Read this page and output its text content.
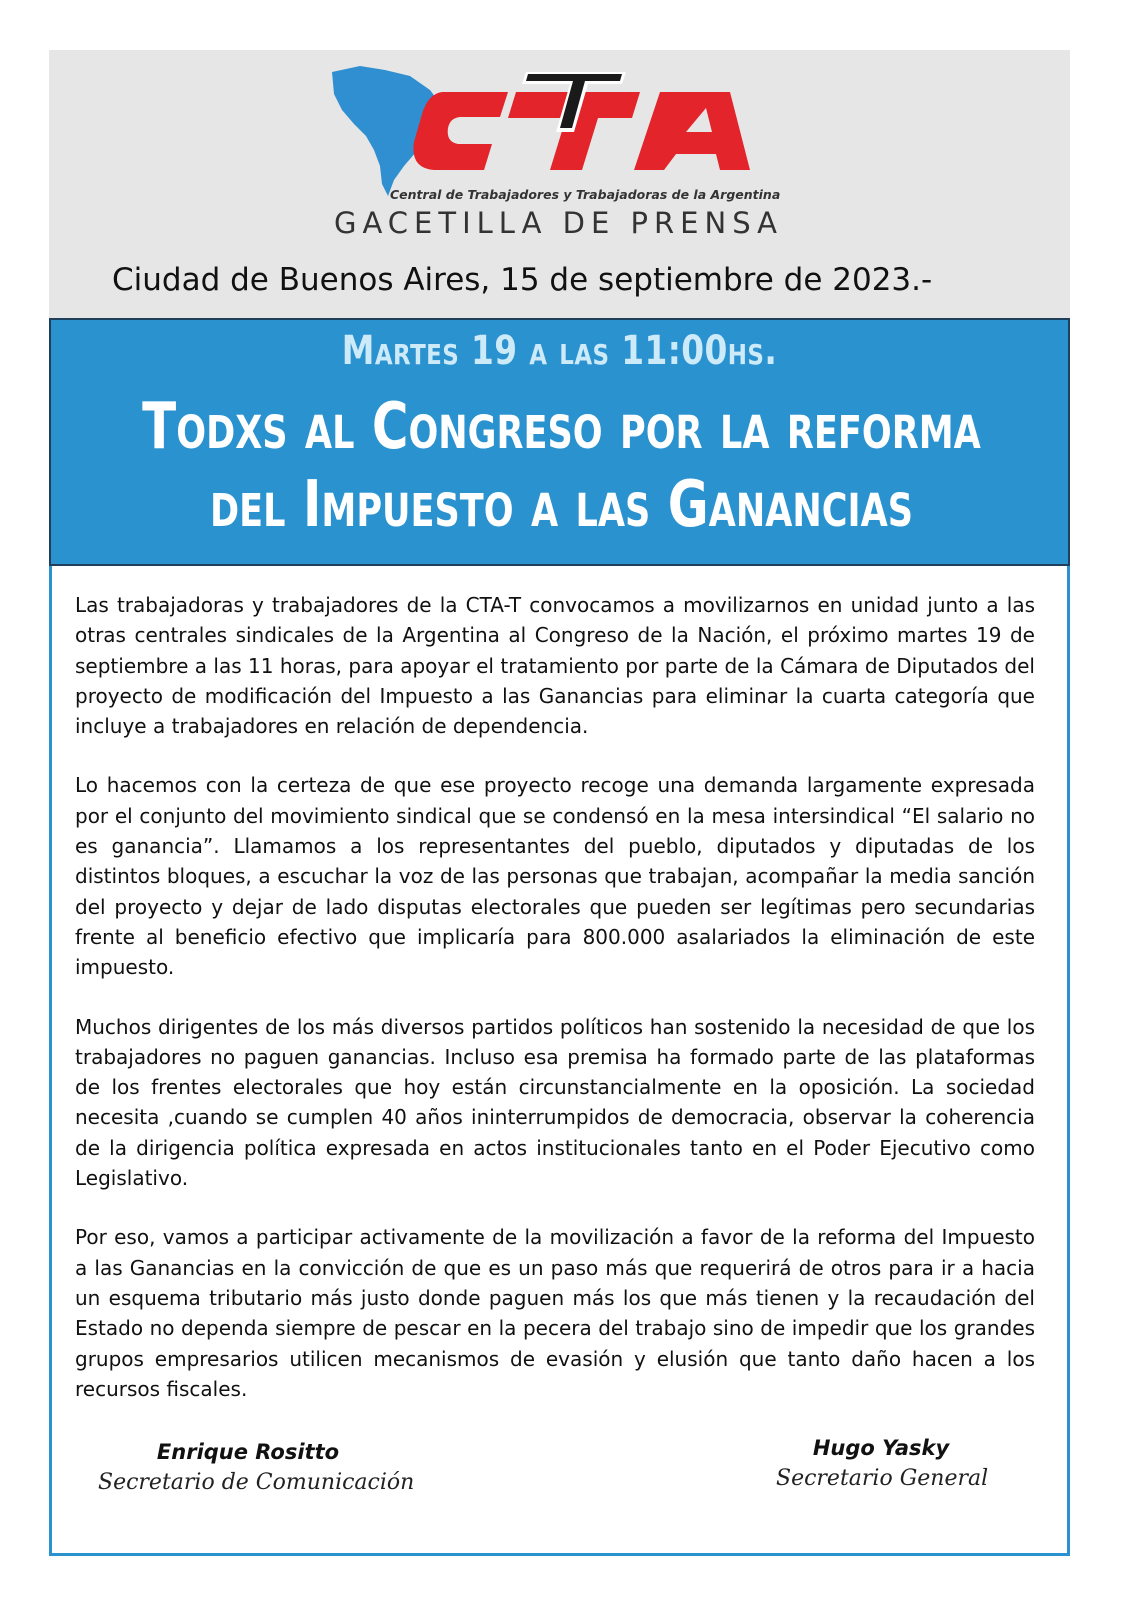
Central de Trabajadores y Trabajadoras de la Argentina
GACETILLA DE PRENSA
Ciudad de Buenos Aires, 15 de septiembre de 2023.-
Martes 19 a las 11:00hs.
Todxs al Congreso por la reforma
del Impuesto a las Ganancias

Las trabajadoras y trabajadores de la CTA-T convocamos a movilizarnos en unidad junto a las otras centrales sindicales de la Argentina al Congreso de la Nación, el próximo martes 19 de septiembre a las 11 horas, para apoyar el tratamiento por parte de la Cámara de Diputados del proyecto de modificación del Impuesto a las Ganancias para eliminar la cuarta categoría que incluye a trabajadores en relación de dependencia.

Lo hacemos con la certeza de que ese proyecto recoge una demanda largamente expresada por el conjunto del movimiento sindical que se condensó en la mesa intersindical “El salario no es ganancia”. Llamamos a los representantes del pueblo, diputados y diputadas de los distintos bloques, a escuchar la voz de las personas que trabajan, acompañar la media sanción del proyecto y dejar de lado disputas electorales que pueden ser legítimas pero secundarias frente al beneficio efectivo que implicaría para 800.000 asalariados la eliminación de este impuesto.

Muchos dirigentes de los más diversos partidos políticos han sostenido la necesidad de que los trabajadores no paguen ganancias. Incluso esa premisa ha formado parte de las plataformas de los frentes electorales que hoy están circunstancialmente en la oposición. La sociedad necesita ,cuando se cumplen 40 años ininterrumpidos de democracia, observar la coherencia de la dirigencia política expresada en actos institucionales tanto en el Poder Ejecutivo como Legislativo.

Por eso, vamos a participar activamente de la movilización a favor de la reforma del Impuesto a las Ganancias en la convicción de que es un paso más que requerirá de otros para ir a hacia un esquema tributario más justo donde paguen más los que más tienen y la recaudación del Estado no dependa siempre de pescar en la pecera del trabajo sino de impedir que los grandes grupos empresarios utilicen mecanismos de evasión y elusión que tanto daño hacen a los recursos fiscales.

Enrique Rositto
Secretario de Comunicación
Hugo Yasky
Secretario General
